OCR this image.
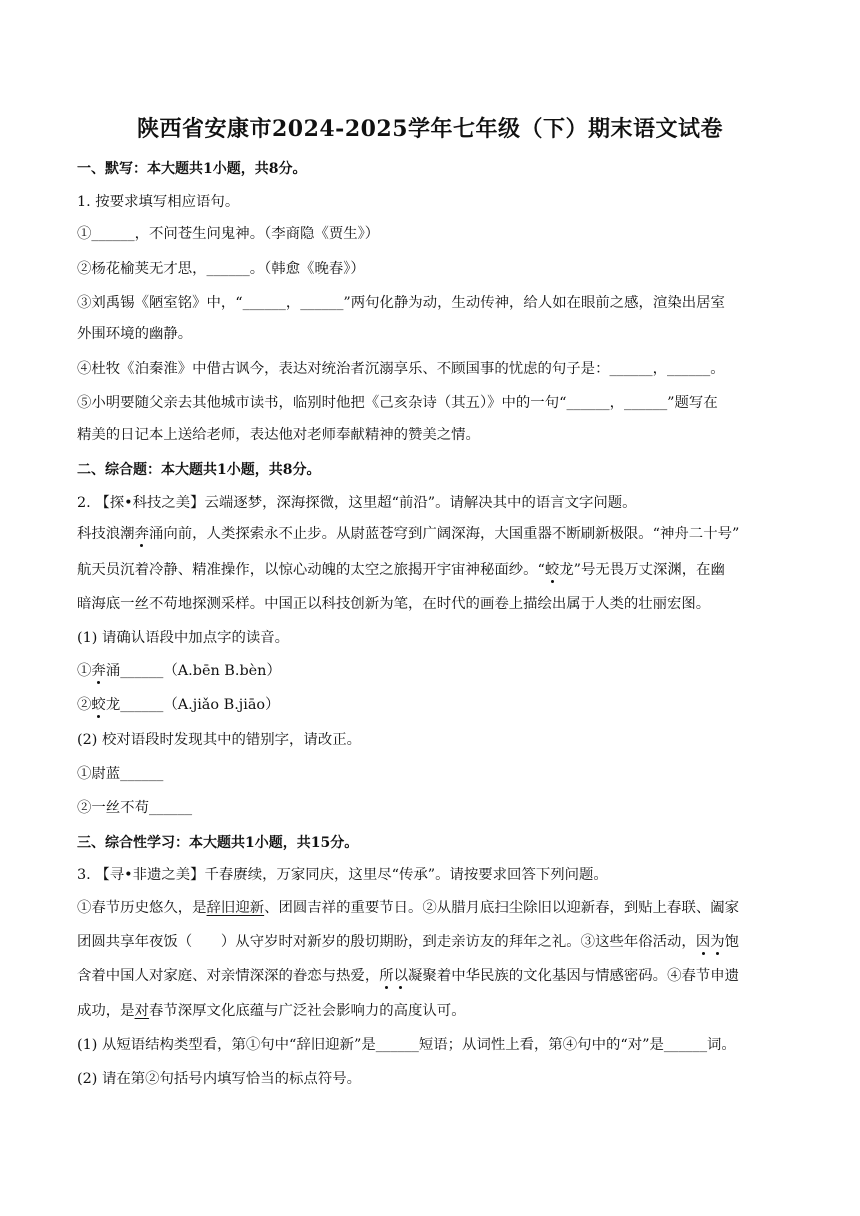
陕西省安康市2024-2025学年七年级（下）期末语文试卷
一、默写：本大题共1小题，共8分。
1. 按要求填写相应语句。
①______，不问苍生问鬼神。（李商隐《贾生》）
②杨花榆荚无才思，______。（韩愈《晚春》）
③刘禹锡《陋室铭》中，“______，______”两句化静为动，生动传神，给人如在眼前之感，渲染出居室
外围环境的幽静。
④杜牧《泊秦淮》中借古讽今，表达对统治者沉溺享乐、不顾国事的忧虑的句子是：______，______。
⑤小明要随父亲去其他城市读书，临别时他把《己亥杂诗（其五）》中的一句“______，______”题写在
精美的日记本上送给老师，表达他对老师奉献精神的赞美之情。
二、综合题：本大题共1小题，共8分。
2. 【探•科技之美】云端逐梦，深海探微，这里超“前沿”。请解决其中的语言文字问题。
科技浪潮奔涌向前，人类探索永不止步。从尉蓝苍穹到广阔深海，大国重器不断刷新极限。“神舟二十号”
航天员沉着冷静、精准操作，以惊心动魄的太空之旅揭开宇宙神秘面纱。“蛟龙”号无畏万丈深渊，在幽
暗海底一丝不苟地探测采样。中国正以科技创新为笔，在时代的画卷上描绘出属于人类的壮丽宏图。
(1) 请确认语段中加点字的读音。
①奔涌______（A.bēn B.bèn）
②蛟龙______（A.jiǎo B.jiāo）
(2) 校对语段时发现其中的错别字，请改正。
①尉蓝______
②一丝不苟______
三、综合性学习：本大题共1小题，共15分。
3. 【寻•非遗之美】千春赓续，万家同庆，这里尽“传承”。请按要求回答下列问题。
①春节历史悠久，是辞旧迎新、团圆吉祥的重要节日。②从腊月底扫尘除旧以迎新春，到贴上春联、阖家
团圆共享年夜饭（　　）从守岁时对新岁的殷切期盼，到走亲访友的拜年之礼。③这些年俗活动，因为饱
含着中国人对家庭、对亲情深深的眷恋与热爱，所以凝聚着中华民族的文化基因与情感密码。④春节申遗
成功，是对春节深厚文化底蕴与广泛社会影响力的高度认可。
(1) 从短语结构类型看，第①句中“辞旧迎新”是______短语；从词性上看，第④句中的“对”是______词。
(2) 请在第②句括号内填写恰当的标点符号。
